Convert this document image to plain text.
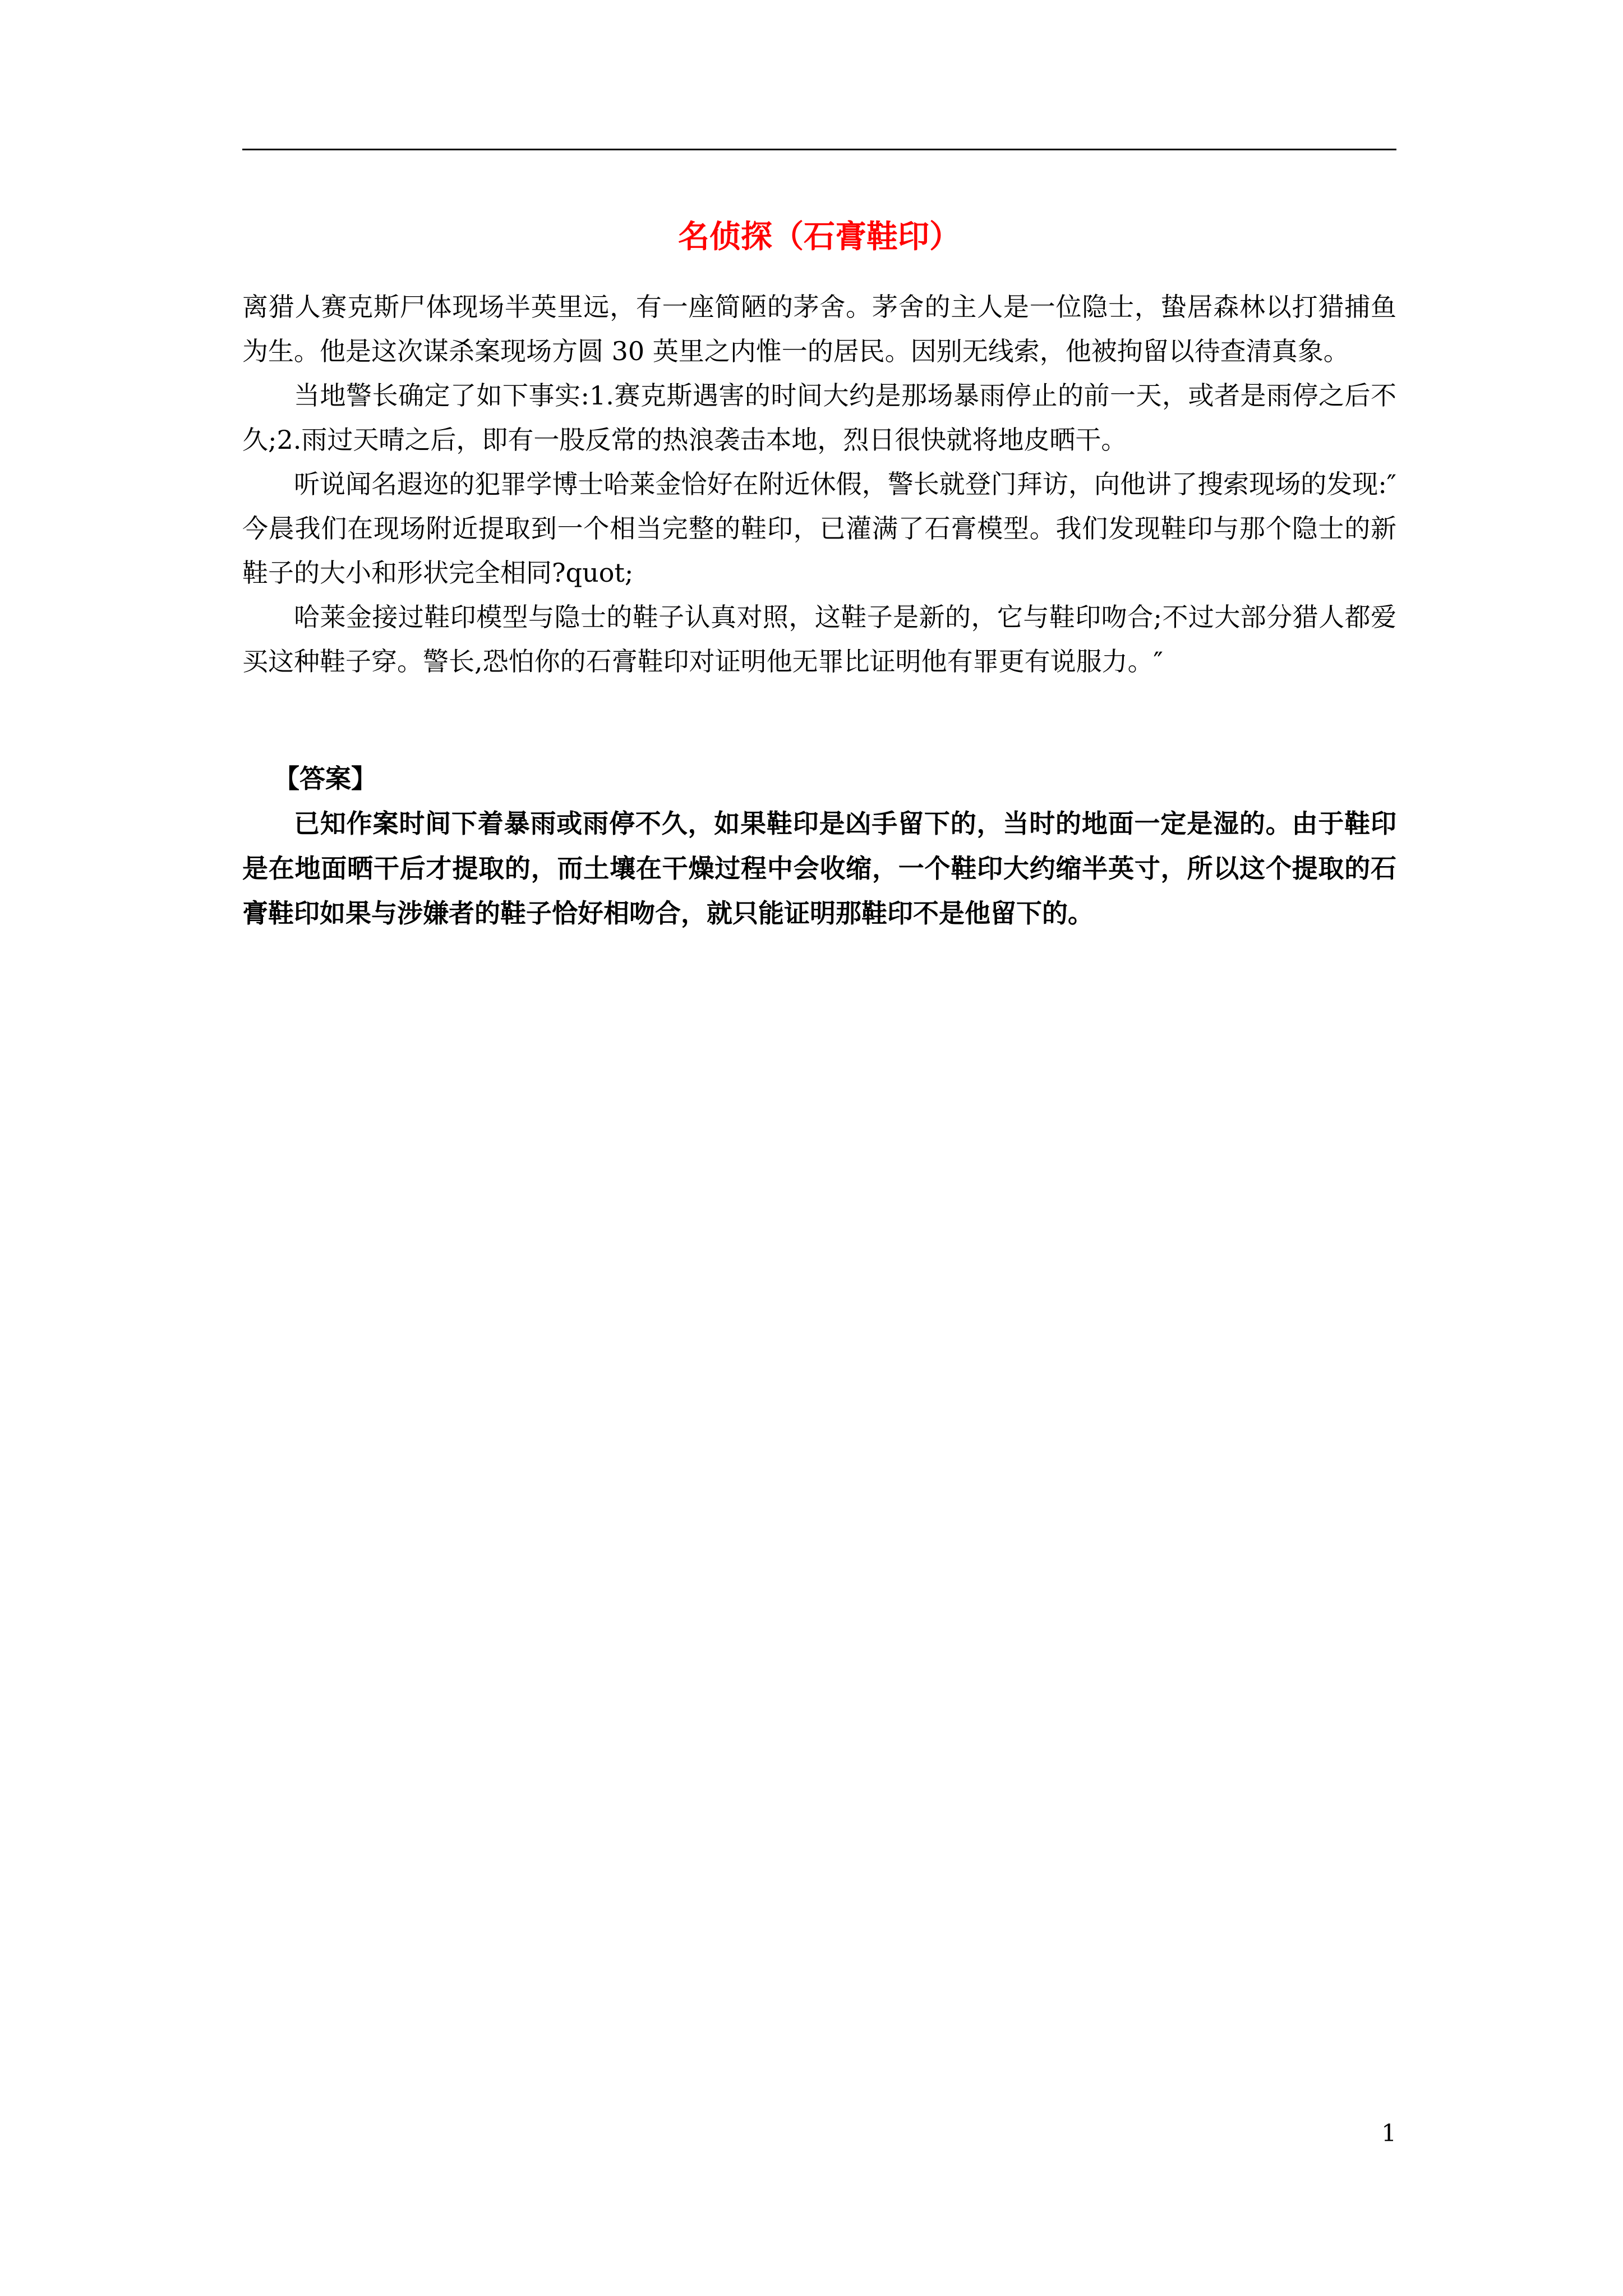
名侦探（石膏鞋印）

离猎人赛克斯尸体现场半英里远，有一座简陋的茅舍。茅舍的主人是一位隐士，蛰居森林以打猎捕鱼为生。他是这次谋杀案现场方圆 30 英里之内惟一的居民。因别无线索，他被拘留以待查清真象。

当地警长确定了如下事实:1.赛克斯遇害的时间大约是那场暴雨停止的前一天，或者是雨停之后不久;2.雨过天晴之后，即有一股反常的热浪袭击本地，烈日很快就将地皮晒干。

听说闻名遐迩的犯罪学博士哈莱金恰好在附近休假，警长就登门拜访，向他讲了搜索现场的发现:″今晨我们在现场附近提取到一个相当完整的鞋印，已灌满了石膏模型。我们发现鞋印与那个隐士的新鞋子的大小和形状完全相同?quot;

哈莱金接过鞋印模型与隐士的鞋子认真对照，这鞋子是新的，它与鞋印吻合;不过大部分猎人都爱买这种鞋子穿。警长,恐怕你的石膏鞋印对证明他无罪比证明他有罪更有说服力。″

【答案】

已知作案时间下着暴雨或雨停不久，如果鞋印是凶手留下的，当时的地面一定是湿的。由于鞋印是在地面晒干后才提取的，而土壤在干燥过程中会收缩，一个鞋印大约缩半英寸，所以这个提取的石膏鞋印如果与涉嫌者的鞋子恰好相吻合，就只能证明那鞋印不是他留下的。

1
